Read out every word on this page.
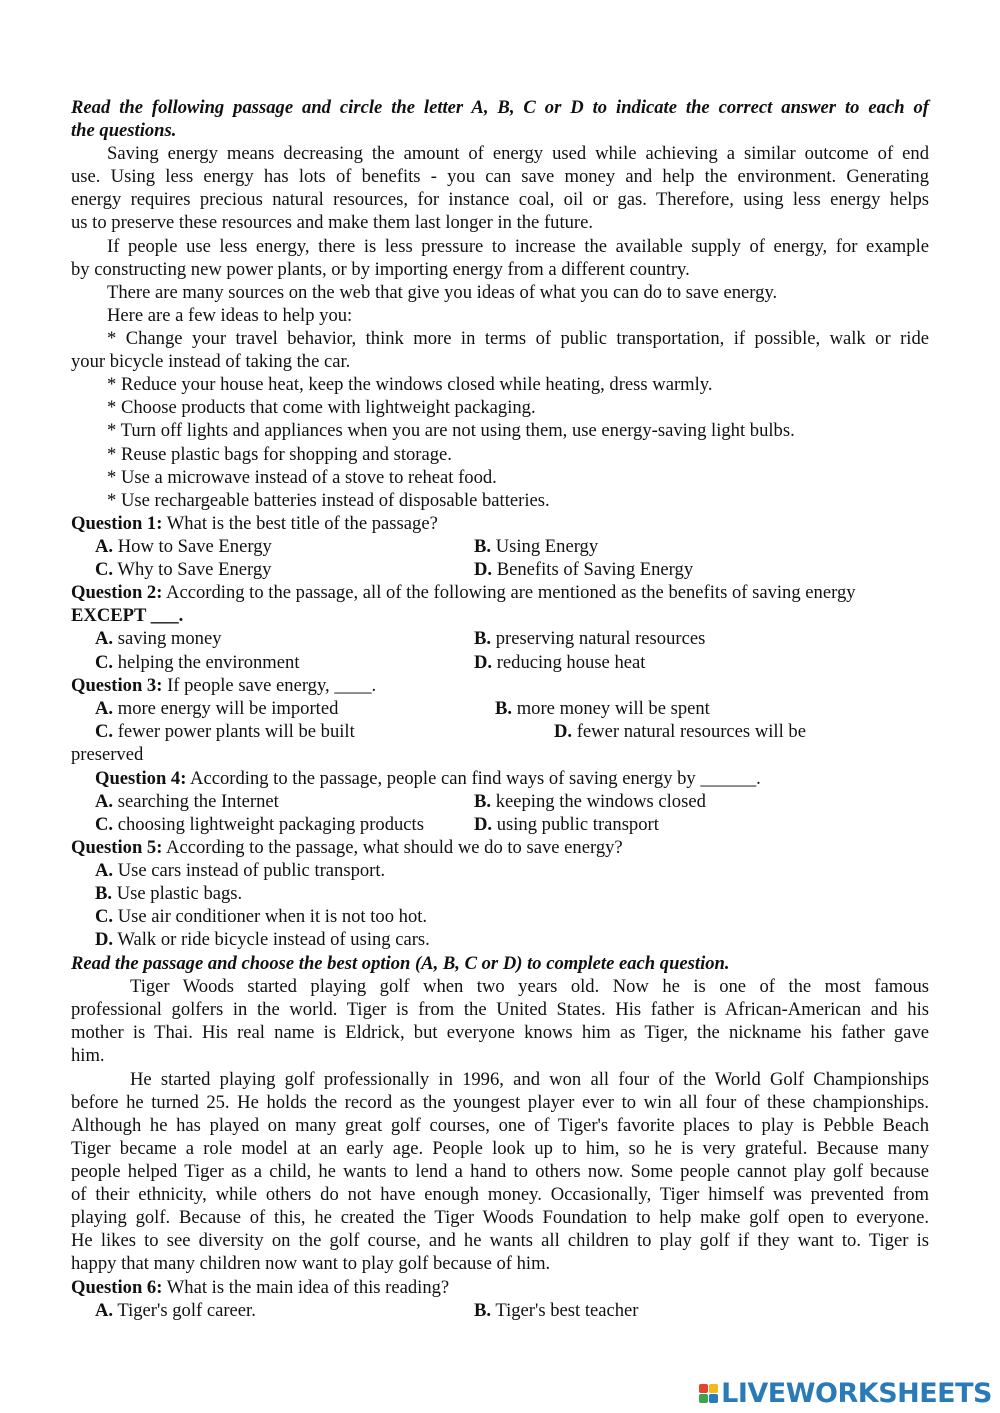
Read the following passage and circle the letter A, B, C or D to indicate the correct answer to each of
the questions.
Saving energy means decreasing the amount of energy used while achieving a similar outcome of end
use. Using less energy has lots of benefits - you can save money and help the environment. Generating
energy requires precious natural resources, for instance coal, oil or gas. Therefore, using less energy helps
us to preserve these resources and make them last longer in the future.
If people use less energy, there is less pressure to increase the available supply of energy, for example
by constructing new power plants, or by importing energy from a different country.
There are many sources on the web that give you ideas of what you can do to save energy.
Here are a few ideas to help you:
* Change your travel behavior, think more in terms of public transportation, if possible, walk or ride
your bicycle instead of taking the car.
* Reduce your house heat, keep the windows closed while heating, dress warmly.
* Choose products that come with lightweight packaging.
* Turn off lights and appliances when you are not using them, use energy-saving light bulbs.
* Reuse plastic bags for shopping and storage.
* Use a microwave instead of a stove to reheat food.
* Use rechargeable batteries instead of disposable batteries.
Question 1: What is the best title of the passage?
A. How to Save Energy	B. Using Energy
C. Why to Save Energy	D. Benefits of Saving Energy
Question 2: According to the passage, all of the following are mentioned as the benefits of saving energy
EXCEPT ___.
A. saving money	B. preserving natural resources
C. helping the environment	D. reducing house heat
Question 3: If people save energy, ____.
A. more energy will be imported	B. more money will be spent
C. fewer power plants will be built	D. fewer natural resources will be
preserved
Question 4: According to the passage, people can find ways of saving energy by ______.
A. searching the Internet	B. keeping the windows closed
C. choosing lightweight packaging products	D. using public transport
Question 5: According to the passage, what should we do to save energy?
A. Use cars instead of public transport.
B. Use plastic bags.
C. Use air conditioner when it is not too hot.
D. Walk or ride bicycle instead of using cars.
Read the passage and choose the best option (A, B, C or D) to complete each question.
Tiger Woods started playing golf when two years old. Now he is one of the most famous
professional golfers in the world. Tiger is from the United States. His father is African-American and his
mother is Thai. His real name is Eldrick, but everyone knows him as Tiger, the nickname his father gave
him.
He started playing golf professionally in 1996, and won all four of the World Golf Championships
before he turned 25. He holds the record as the youngest player ever to win all four of these championships.
Although he has played on many great golf courses, one of Tiger's favorite places to play is Pebble Beach
Tiger became a role model at an early age. People look up to him, so he is very grateful. Because many
people helped Tiger as a child, he wants to lend a hand to others now. Some people cannot play golf because
of their ethnicity, while others do not have enough money. Occasionally, Tiger himself was prevented from
playing golf. Because of this, he created the Tiger Woods Foundation to help make golf open to everyone.
He likes to see diversity on the golf course, and he wants all children to play golf if they want to. Tiger is
happy that many children now want to play golf because of him.
Question 6: What is the main idea of this reading?
A. Tiger's golf career.	B. Tiger's best teacher
LIVEWORKSHEETS
